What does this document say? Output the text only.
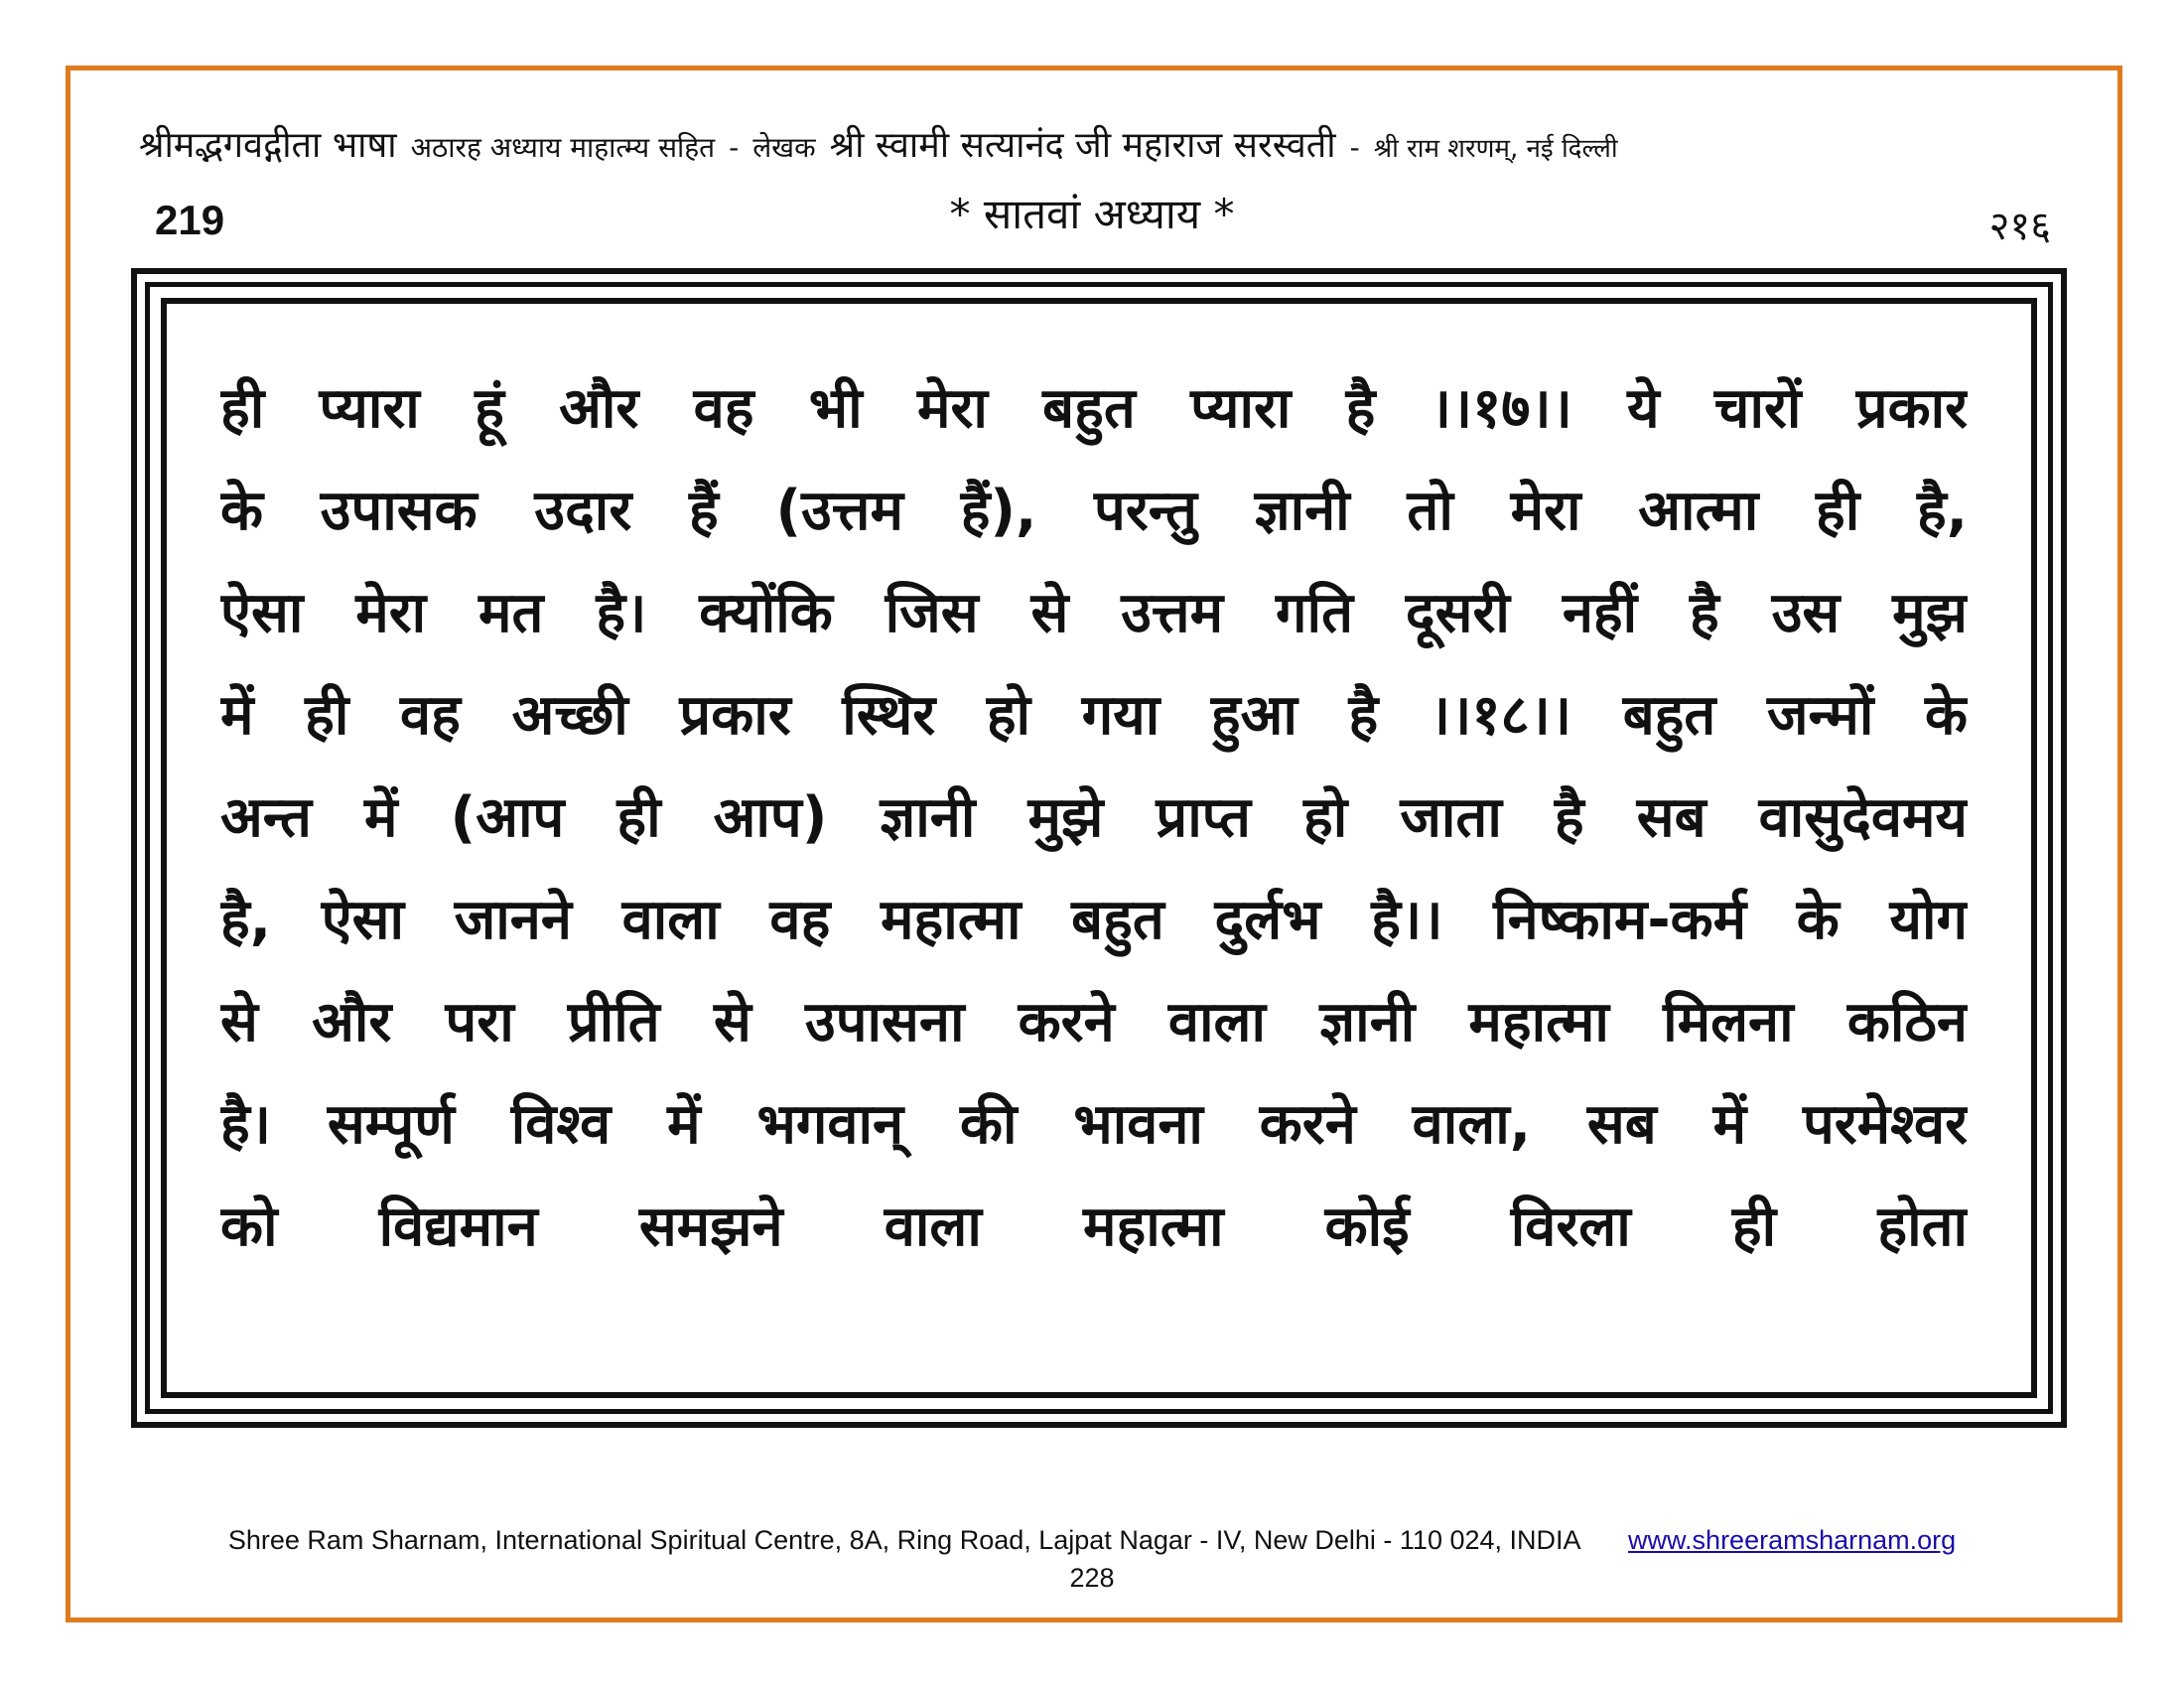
श्रीमद्भगवद्गीता भाषा अठारह अध्याय माहात्म्य सहित - लेखक श्री स्वामी सत्यानंद जी महाराज सरस्वती - श्री राम शरणम्, नई दिल्ली
219	* सातवां अध्याय *	२१६
ही प्यारा हूं और वह भी मेरा बहुत प्यारा है ।।१७।। ये चारों प्रकार
के उपासक उदार हैं (उत्तम हैं), परन्तु ज्ञानी तो मेरा आत्मा ही है,
ऐसा मेरा मत है। क्योंकि जिस से उत्तम गति दूसरी नहीं है उस मुझ
में ही वह अच्छी प्रकार स्थिर हो गया हुआ है ।।१८।। बहुत जन्मों के
अन्त में (आप ही आप) ज्ञानी मुझे प्राप्त हो जाता है सब वासुदेवमय
है, ऐसा जानने वाला वह महात्मा बहुत दुर्लभ है।। निष्काम-कर्म के योग
से और परा प्रीति से उपासना करने वाला ज्ञानी महात्मा मिलना कठिन
है। सम्पूर्ण विश्व में भगवान् की भावना करने वाला, सब में परमेश्वर
को विद्यमान समझने वाला महात्मा कोई विरला ही होता
Shree Ram Sharnam, International Spiritual Centre, 8A, Ring Road, Lajpat Nagar - IV, New Delhi - 110 024, INDIA www.shreeramsharnam.org
228
